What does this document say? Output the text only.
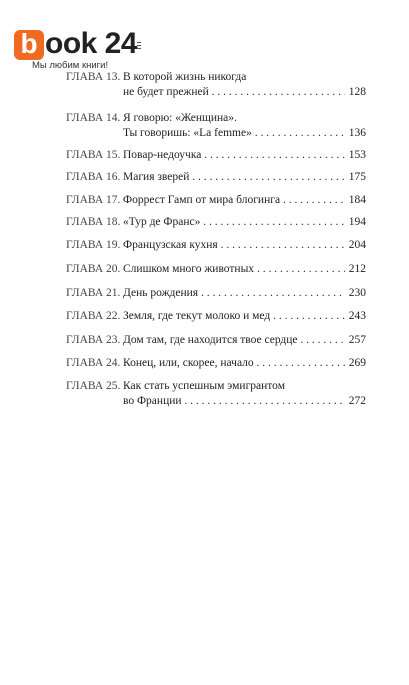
b ook 24
Мы любим книги!
ГЛАВА 13. В которой жизнь никогда
не будет прежней . . .	128
ГЛАВА 14. Я говорю: «Женщина».
Ты говоришь: «La femme» . . .	136
ГЛАВА 15. Повар-недоучка . . .	153
ГЛАВА 16. Магия зверей . . .	175
ГЛАВА 17. Форрест Гамп от мира блогинга . . .	184
ГЛАВА 18. «Тур де Франс» . . .	194
ГЛАВА 19. Французская кухня . . .	204
ГЛАВА 20. Слишком много животных . . .	212
ГЛАВА 21. День рождения . . .	230
ГЛАВА 22. Земля, где текут молоко и мед . . .	243
ГЛАВА 23. Дом там, где находится твое сердце . . .	257
ГЛАВА 24. Конец, или, скорее, начало . . .	269
ГЛАВА 25. Как стать успешным эмигрантом
во Франции . . .	272
